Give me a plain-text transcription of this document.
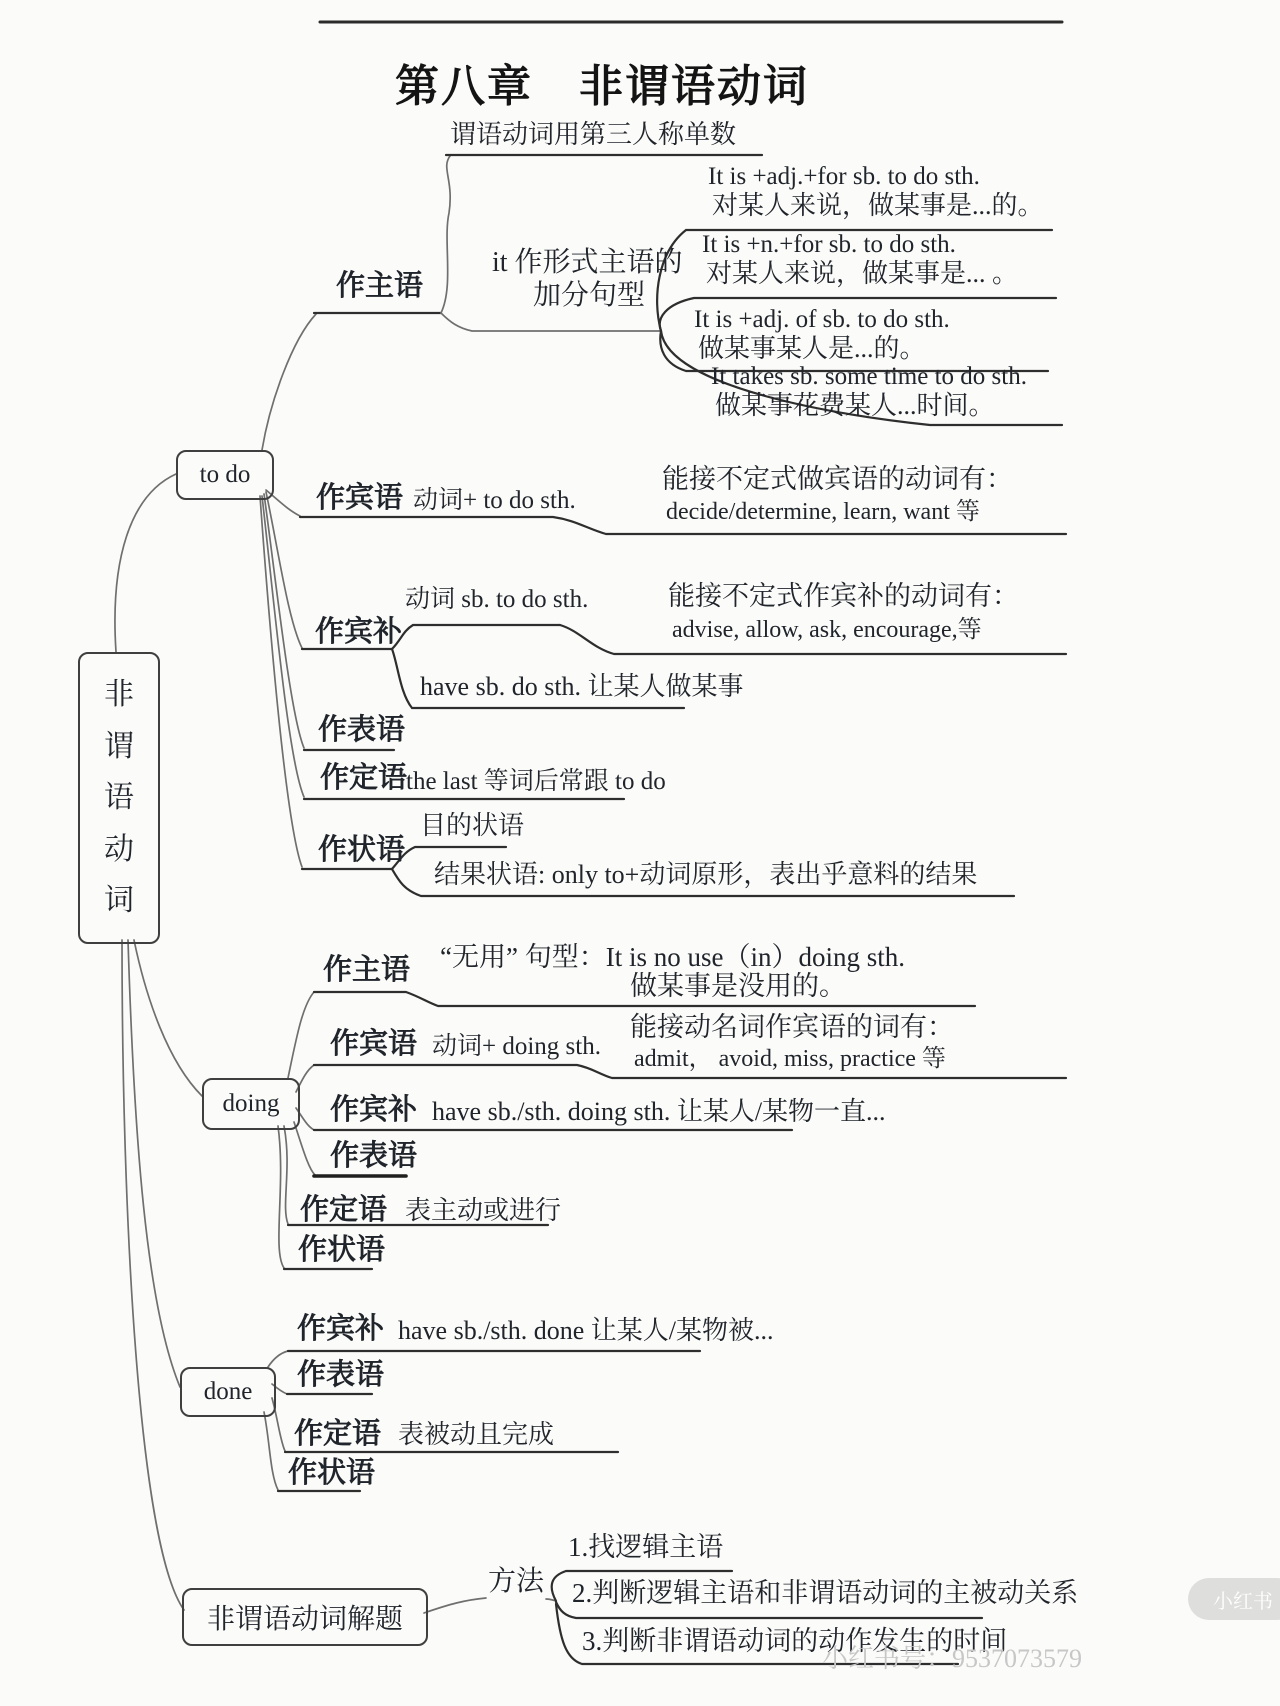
第八章　非谓语动词
非谓语动词
to do
作主语
谓语动词用第三人称单数
it 作形式主语的
加分句型
It is +adj.+for sb. to do sth.
对某人来说，做某事是...的。
It is +n.+for sb. to do sth.
对某人来说，做某事是... 。
It is +adj. of sb. to do sth.
做某事某人是...的。
It takes sb. some time to do sth.
做某事花费某人...时间。
作宾语 动词+ to do sth.
能接不定式做宾语的动词有：
decide/determine, learn, want 等
作宾补
动词 sb. to do sth.	能接不定式作宾补的动词有：
advise, allow, ask, encourage,等
have sb. do sth. 让某人做某事
作表语
作定语
the last 等词后常跟 to do
作状语
目的状语
结果状语: only to+动词原形，表出乎意料的结果
doing
作主语 “无用” 句型：It is no use（in）doing sth.
做某事是没用的。
作宾语 动词+ doing sth.
能接动名词作宾语的词有：
admit， avoid, miss, practice 等
作宾补 have sb./sth. doing sth. 让某人/某物一直...
作表语
作定语 表主动或进行
作状语
done
作宾补 have sb./sth. done 让某人/某物被...
作表语
作定语 表被动且完成
作状语
非谓语动词解题
方法
1.找逻辑主语
2.判断逻辑主语和非谓语动词的主被动关系
3.判断非谓语动词的动作发生的时间
小红书号：9537073579
小红书
